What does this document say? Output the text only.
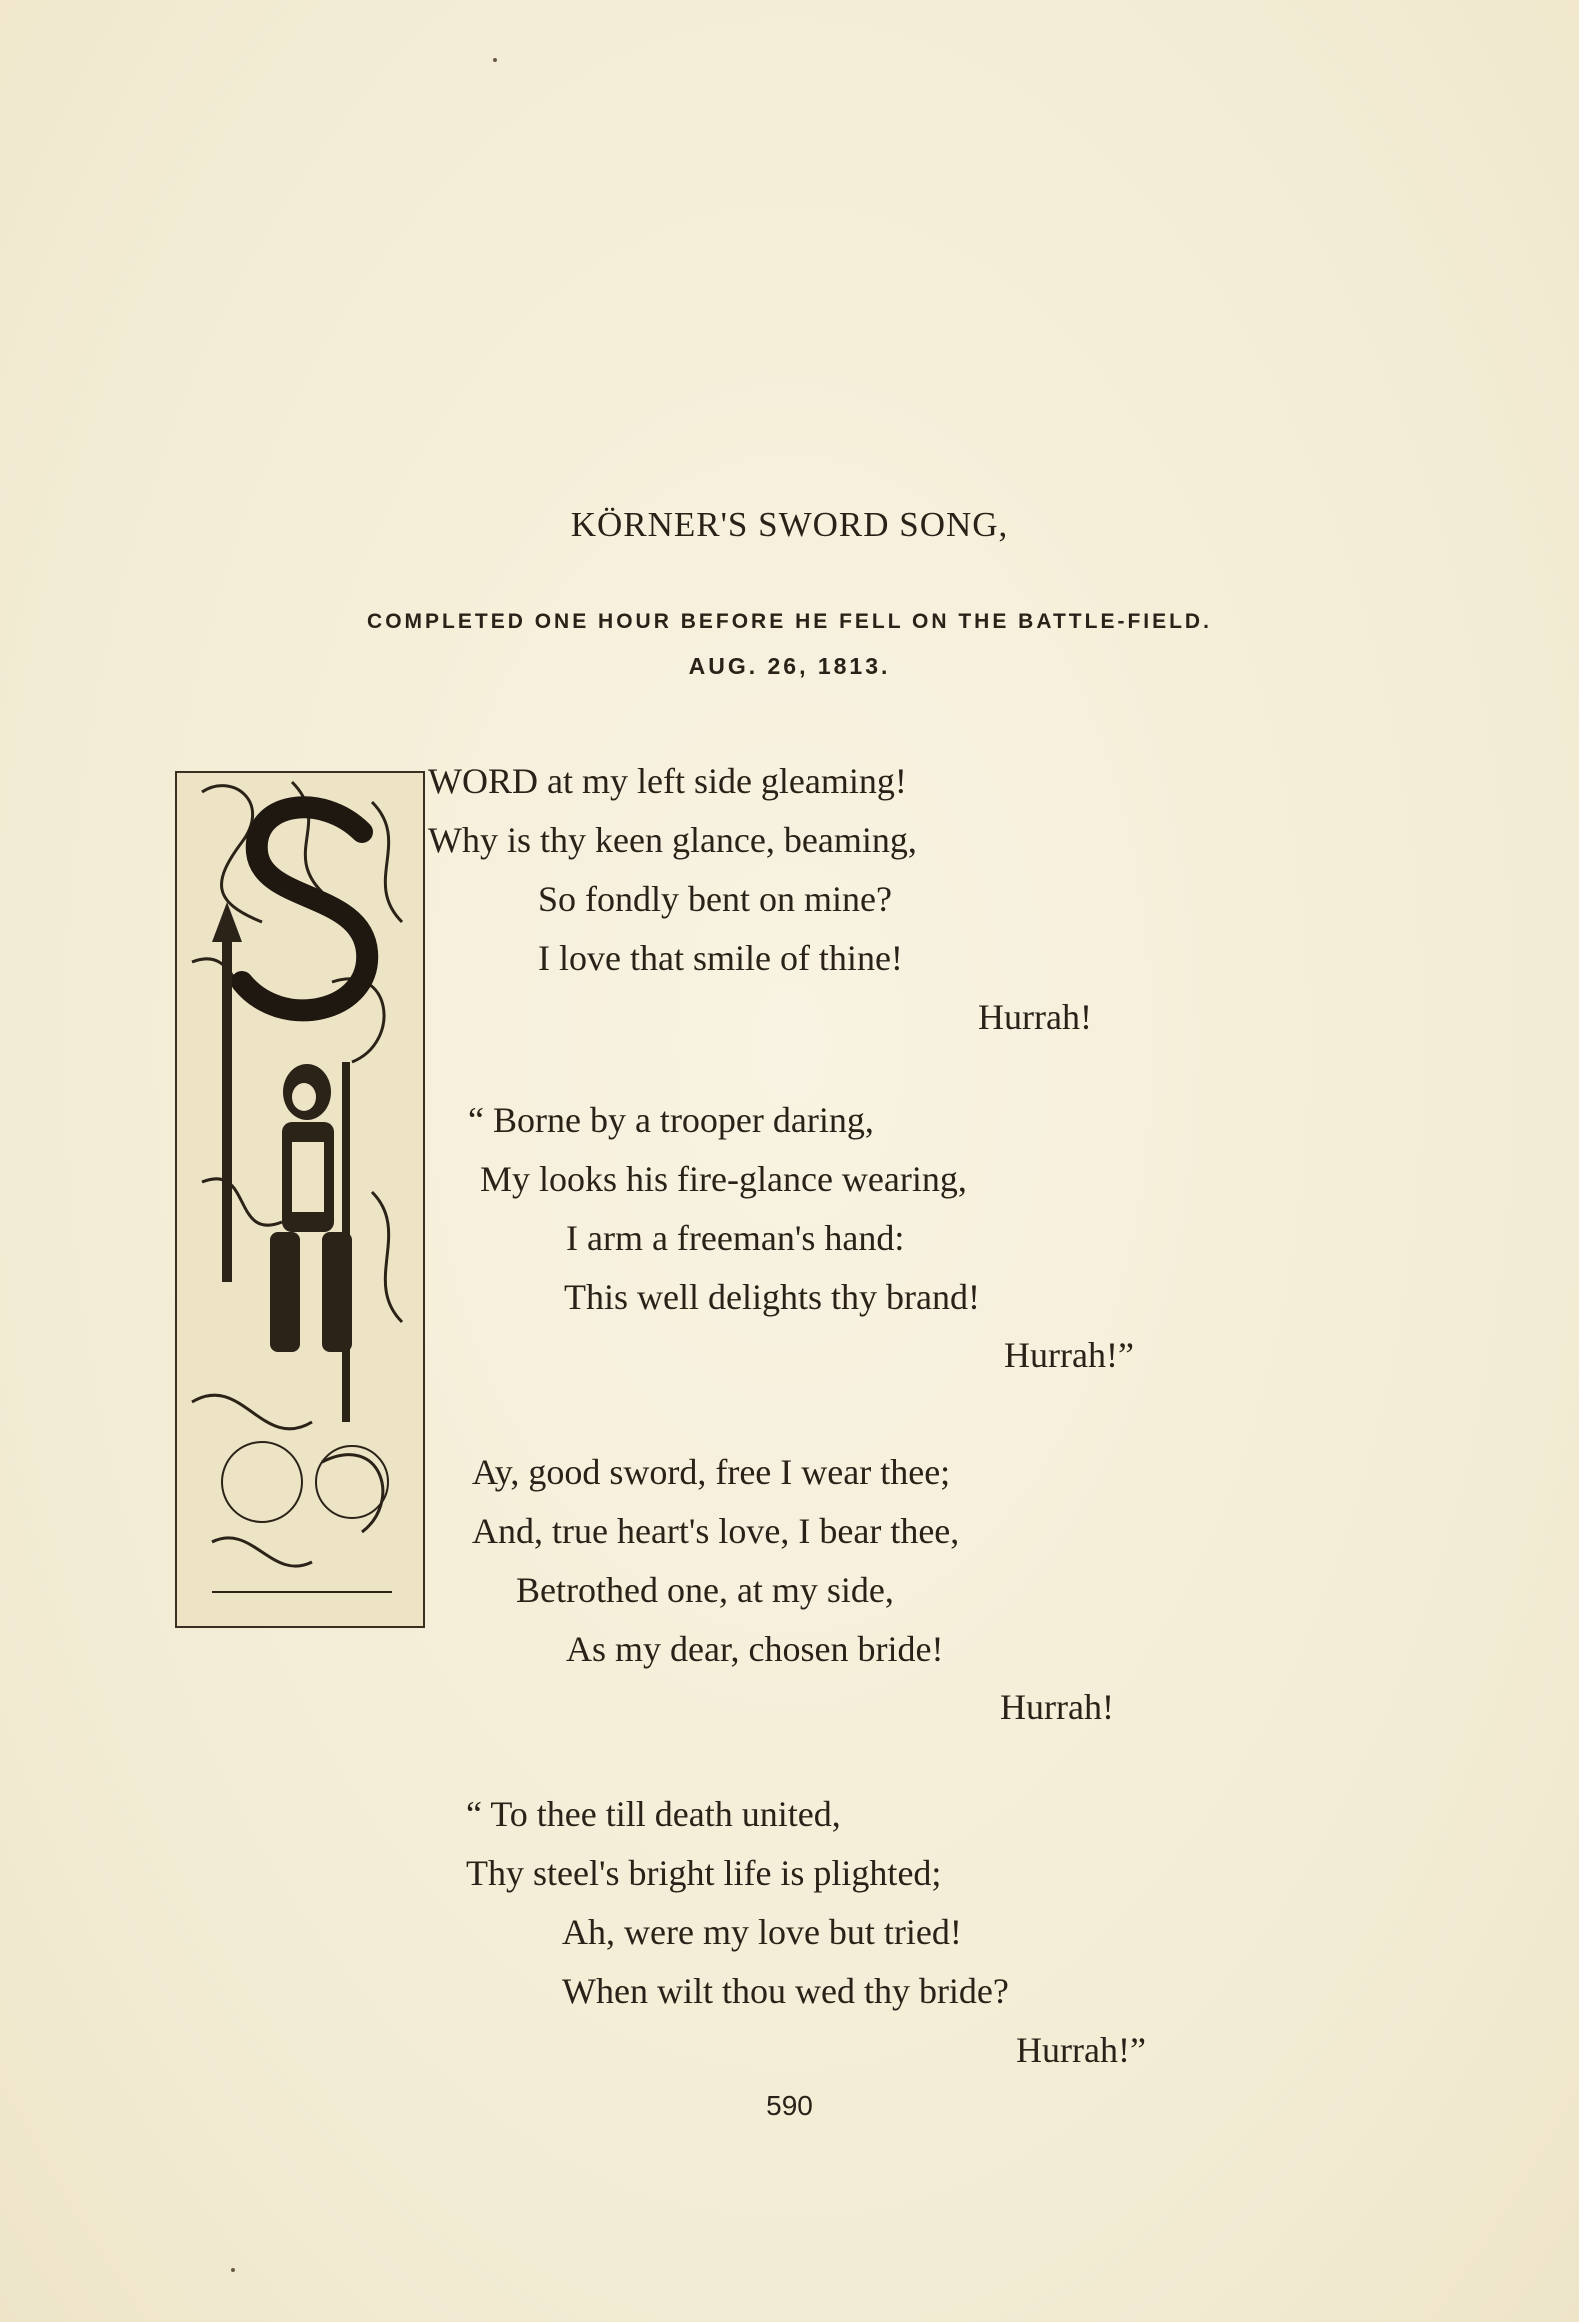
KÖRNER'S SWORD SONG,
COMPLETED ONE HOUR BEFORE HE FELL ON THE BATTLE-FIELD.
AUG. 26, 1813.
WORD at my left side gleaming!
Why is thy keen glance, beaming,
So fondly bent on mine?
I love that smile of thine!
Hurrah!
“ Borne by a trooper daring,
My looks his fire-glance wearing,
I arm a freeman's hand:
This well delights thy brand!
Hurrah!”
Ay, good sword, free I wear thee;
And, true heart's love, I bear thee,
Betrothed one, at my side,
As my dear, chosen bride!
Hurrah!
“ To thee till death united,
Thy steel's bright life is plighted;
Ah, were my love but tried!
When wilt thou wed thy bride?
Hurrah!”
590
